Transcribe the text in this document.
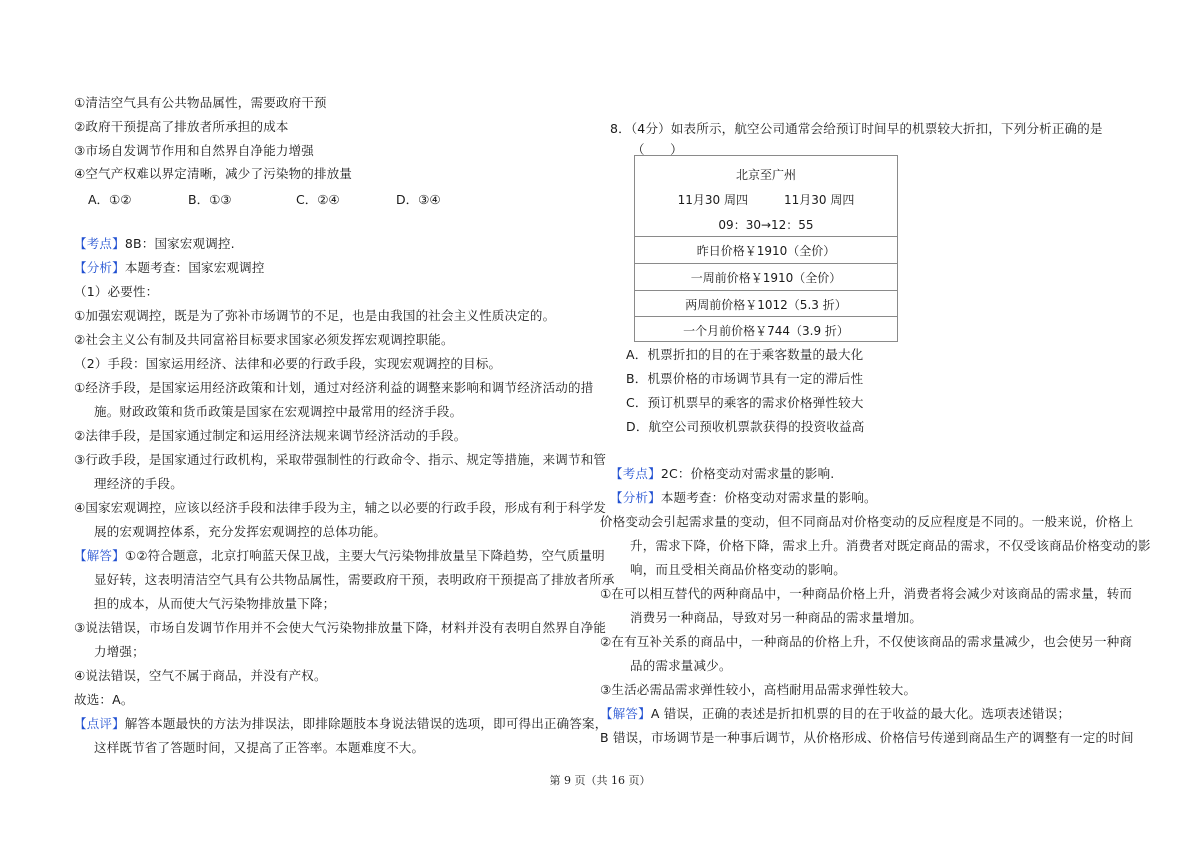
①清洁空气具有公共物品属性，需要政府干预
②政府干预提高了排放者所承担的成本
③市场自发调节作用和自然界自净能力增强
④空气产权难以界定清晰，减少了污染物的排放量
A．①②	B．①③	C．②④	D．③④
【考点】8B：国家宏观调控.
【分析】本题考查：国家宏观调控
（1）必要性：
①加强宏观调控，既是为了弥补市场调节的不足，也是由我国的社会主义性质决定的。
②社会主义公有制及共同富裕目标要求国家必须发挥宏观调控职能。
（2）手段：国家运用经济、法律和必要的行政手段，实现宏观调控的目标。
①经济手段，是国家运用经济政策和计划，通过对经济利益的调整来影响和调节经济活动的措
施。财政政策和货币政策是国家在宏观调控中最常用的经济手段。
②法律手段，是国家通过制定和运用经济法规来调节经济活动的手段。
③行政手段，是国家通过行政机构，采取带强制性的行政命令、指示、规定等措施，来调节和管
理经济的手段。
④国家宏观调控，应该以经济手段和法律手段为主，辅之以必要的行政手段，形成有利于科学发
展的宏观调控体系，充分发挥宏观调控的总体功能。
【解答】①②符合题意，北京打响蓝天保卫战，主要大气污染物排放量呈下降趋势，空气质量明
显好转，这表明清洁空气具有公共物品属性，需要政府干预，表明政府干预提高了排放者所承
担的成本，从而使大气污染物排放量下降；
③说法错误，市场自发调节作用并不会使大气污染物排放量下降，材料并没有表明自然界自净能
力增强；
④说法错误，空气不属于商品，并没有产权。
故选：A。
【点评】解答本题最快的方法为排误法，即排除题肢本身说法错误的选项，即可得出正确答案，
这样既节省了答题时间，又提高了正答率。本题难度不大。
8．（4分）如表所示，航空公司通常会给预订时间早的机票较大折扣，下列分析正确的是
（　　）
北京至广州
11月30 周四　　　11月30 周四
09：30→12：55
昨日价格￥1910（全价）
一周前价格￥1910（全价）
两周前价格￥1012（5.3 折）
一个月前价格￥744（3.9 折）
A．机票折扣的目的在于乘客数量的最大化
B．机票价格的市场调节具有一定的滞后性
C．预订机票早的乘客的需求价格弹性较大
D．航空公司预收机票款获得的投资收益高
【考点】2C：价格变动对需求量的影响.
【分析】本题考查：价格变动对需求量的影响。
价格变动会引起需求量的变动，但不同商品对价格变动的反应程度是不同的。一般来说，价格上
升，需求下降，价格下降，需求上升。消费者对既定商品的需求，不仅受该商品价格变动的影
响，而且受相关商品价格变动的影响。
①在可以相互替代的两种商品中，一种商品价格上升，消费者将会减少对该商品的需求量，转而
消费另一种商品，导致对另一种商品的需求量增加。
②在有互补关系的商品中，一种商品的价格上升，不仅使该商品的需求量减少，也会使另一种商
品的需求量减少。
③生活必需品需求弹性较小，高档耐用品需求弹性较大。
【解答】A 错误，正确的表述是折扣机票的目的在于收益的最大化。选项表述错误；
B 错误，市场调节是一种事后调节，从价格形成、价格信号传递到商品生产的调整有一定的时间
第 9 页（共 16 页）
